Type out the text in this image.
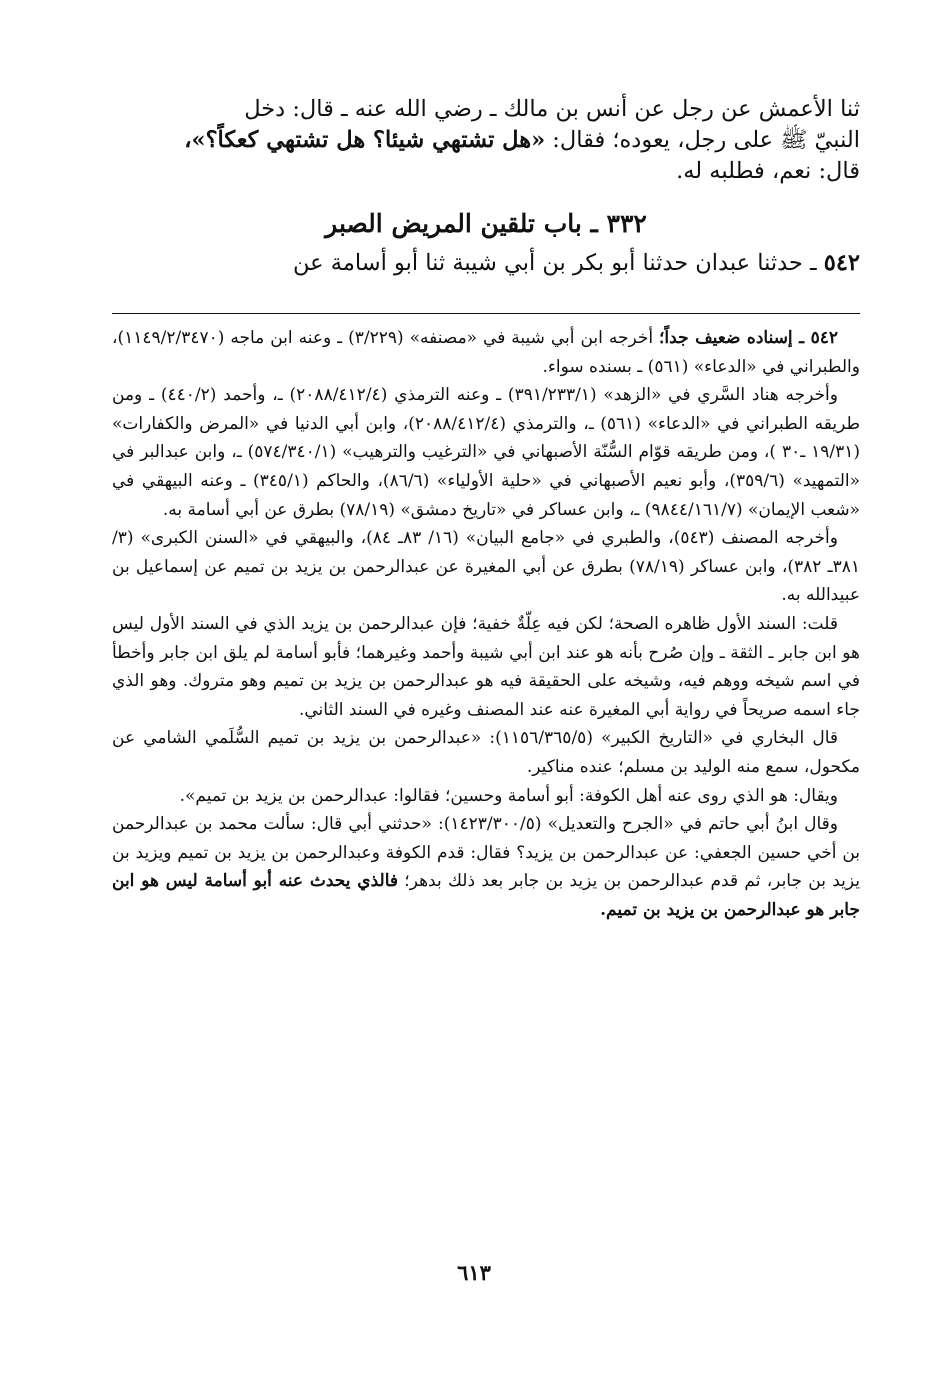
ثنا الأعمش عن رجل عن أنس بن مالك ـ رضي الله عنه ـ قال: دخل

النبيّ ﷺ على رجل، يعوده؛ فقال: «هل تشتهي شيئا؟ هل تشتهي كعكاً؟»،

قال: نعم، فطلبه له.

٣٣٢ ـ باب تلقين المريض الصبر

٥٤٢ ـ حدثنا عبدان حدثنا أبو بكر بن أبي شيبة ثنا أبو أسامة عن

٥٤٢ ـ إسناده ضعيف جداً؛ أخرجه ابن أبي شيبة في «مصنفه» (٣/٢٢٩) ـ وعنه ابن ماجه (١١٤٩/٢/٣٤٧٠)، والطبراني في «الدعاء» (٥٦١) ـ بسنده سواء.

وأخرجه هناد السَّري في «الزهد» (٣٩١/٢٣٣/١) ـ وعنه الترمذي (٢٠٨٨/٤١٢/٤) ـ، وأحمد (٤٤٠/٢) ـ ومن طريقه الطبراني في «الدعاء» (٥٦١) ـ، والترمذي (٢٠٨٨/٤١٢/٤)، وابن أبي الدنيا في «المرض والكفارات» (١٩/٣١ ـ٣٠ )، ومن طريقه قوّام السُّنّة الأصبهاني في «الترغيب والترهيب» (٥٧٤/٣٤٠/١) ـ، وابن عبدالبر في «التمهيد» (٣٥٩/٦)، وأبو نعيم الأصبهاني في «حلية الأولياء» (٨٦/٦)، والحاكم (٣٤٥/١) ـ وعنه البيهقي في «شعب الإيمان» (٩٨٤٤/١٦١/٧) ـ، وابن عساكر في «تاريخ دمشق» (٧٨/١٩) بطرق عن أبي أسامة به.

وأخرجه المصنف (٥٤٣)، والطبري في «جامع البيان» (١٦/ ٨٣ـ ٨٤)، والبيهقي في «السنن الكبرى» (٣/ ٣٨١ـ ٣٨٢)، وابن عساكر (٧٨/١٩) بطرق عن أبي المغيرة عن عبدالرحمن بن يزيد بن تميم عن إسماعيل بن عبيدالله به.

قلت: السند الأول ظاهره الصحة؛ لكن فيه عِلّةٌ خفية؛ فإن عبدالرحمن بن يزيد الذي في السند الأول ليس هو ابن جابر ـ الثقة ـ وإن صُرح بأنه هو عند ابن أبي شيبة وأحمد وغيرهما؛ فأبو أسامة لم يلق ابن جابر وأخطأ في اسم شيخه ووهم فيه، وشيخه على الحقيقة فيه هو عبدالرحمن بن يزيد بن تميم وهو متروك. وهو الذي جاء اسمه صريحاً في رواية أبي المغيرة عنه عند المصنف وغيره في السند الثاني.

قال البخاري في «التاريخ الكبير» (١١٥٦/٣٦٥/٥): «عبدالرحمن بن يزيد بن تميم السُّلَمي الشامي عن مكحول، سمع منه الوليد بن مسلم؛ عنده مناكير.

ويقال: هو الذي روى عنه أهل الكوفة: أبو أسامة وحسين؛ فقالوا: عبدالرحمن بن يزيد بن تميم».

وقال ابنُ أبي حاتم في «الجرح والتعديل» (١٤٢٣/٣٠٠/٥): «حدثني أبي قال: سألت محمد بن عبدالرحمن بن أخي حسين الجعفي: عن عبدالرحمن بن يزيد؟ فقال: قدم الكوفة وعبدالرحمن بن يزيد بن تميم ويزيد بن يزيد بن جابر، ثم قدم عبدالرحمن بن يزيد بن جابر بعد ذلك بدهر؛ فالذي يحدث عنه أبو أسامة ليس هو ابن جابر هو عبدالرحمن بن يزيد بن تميم.

٦١٣
